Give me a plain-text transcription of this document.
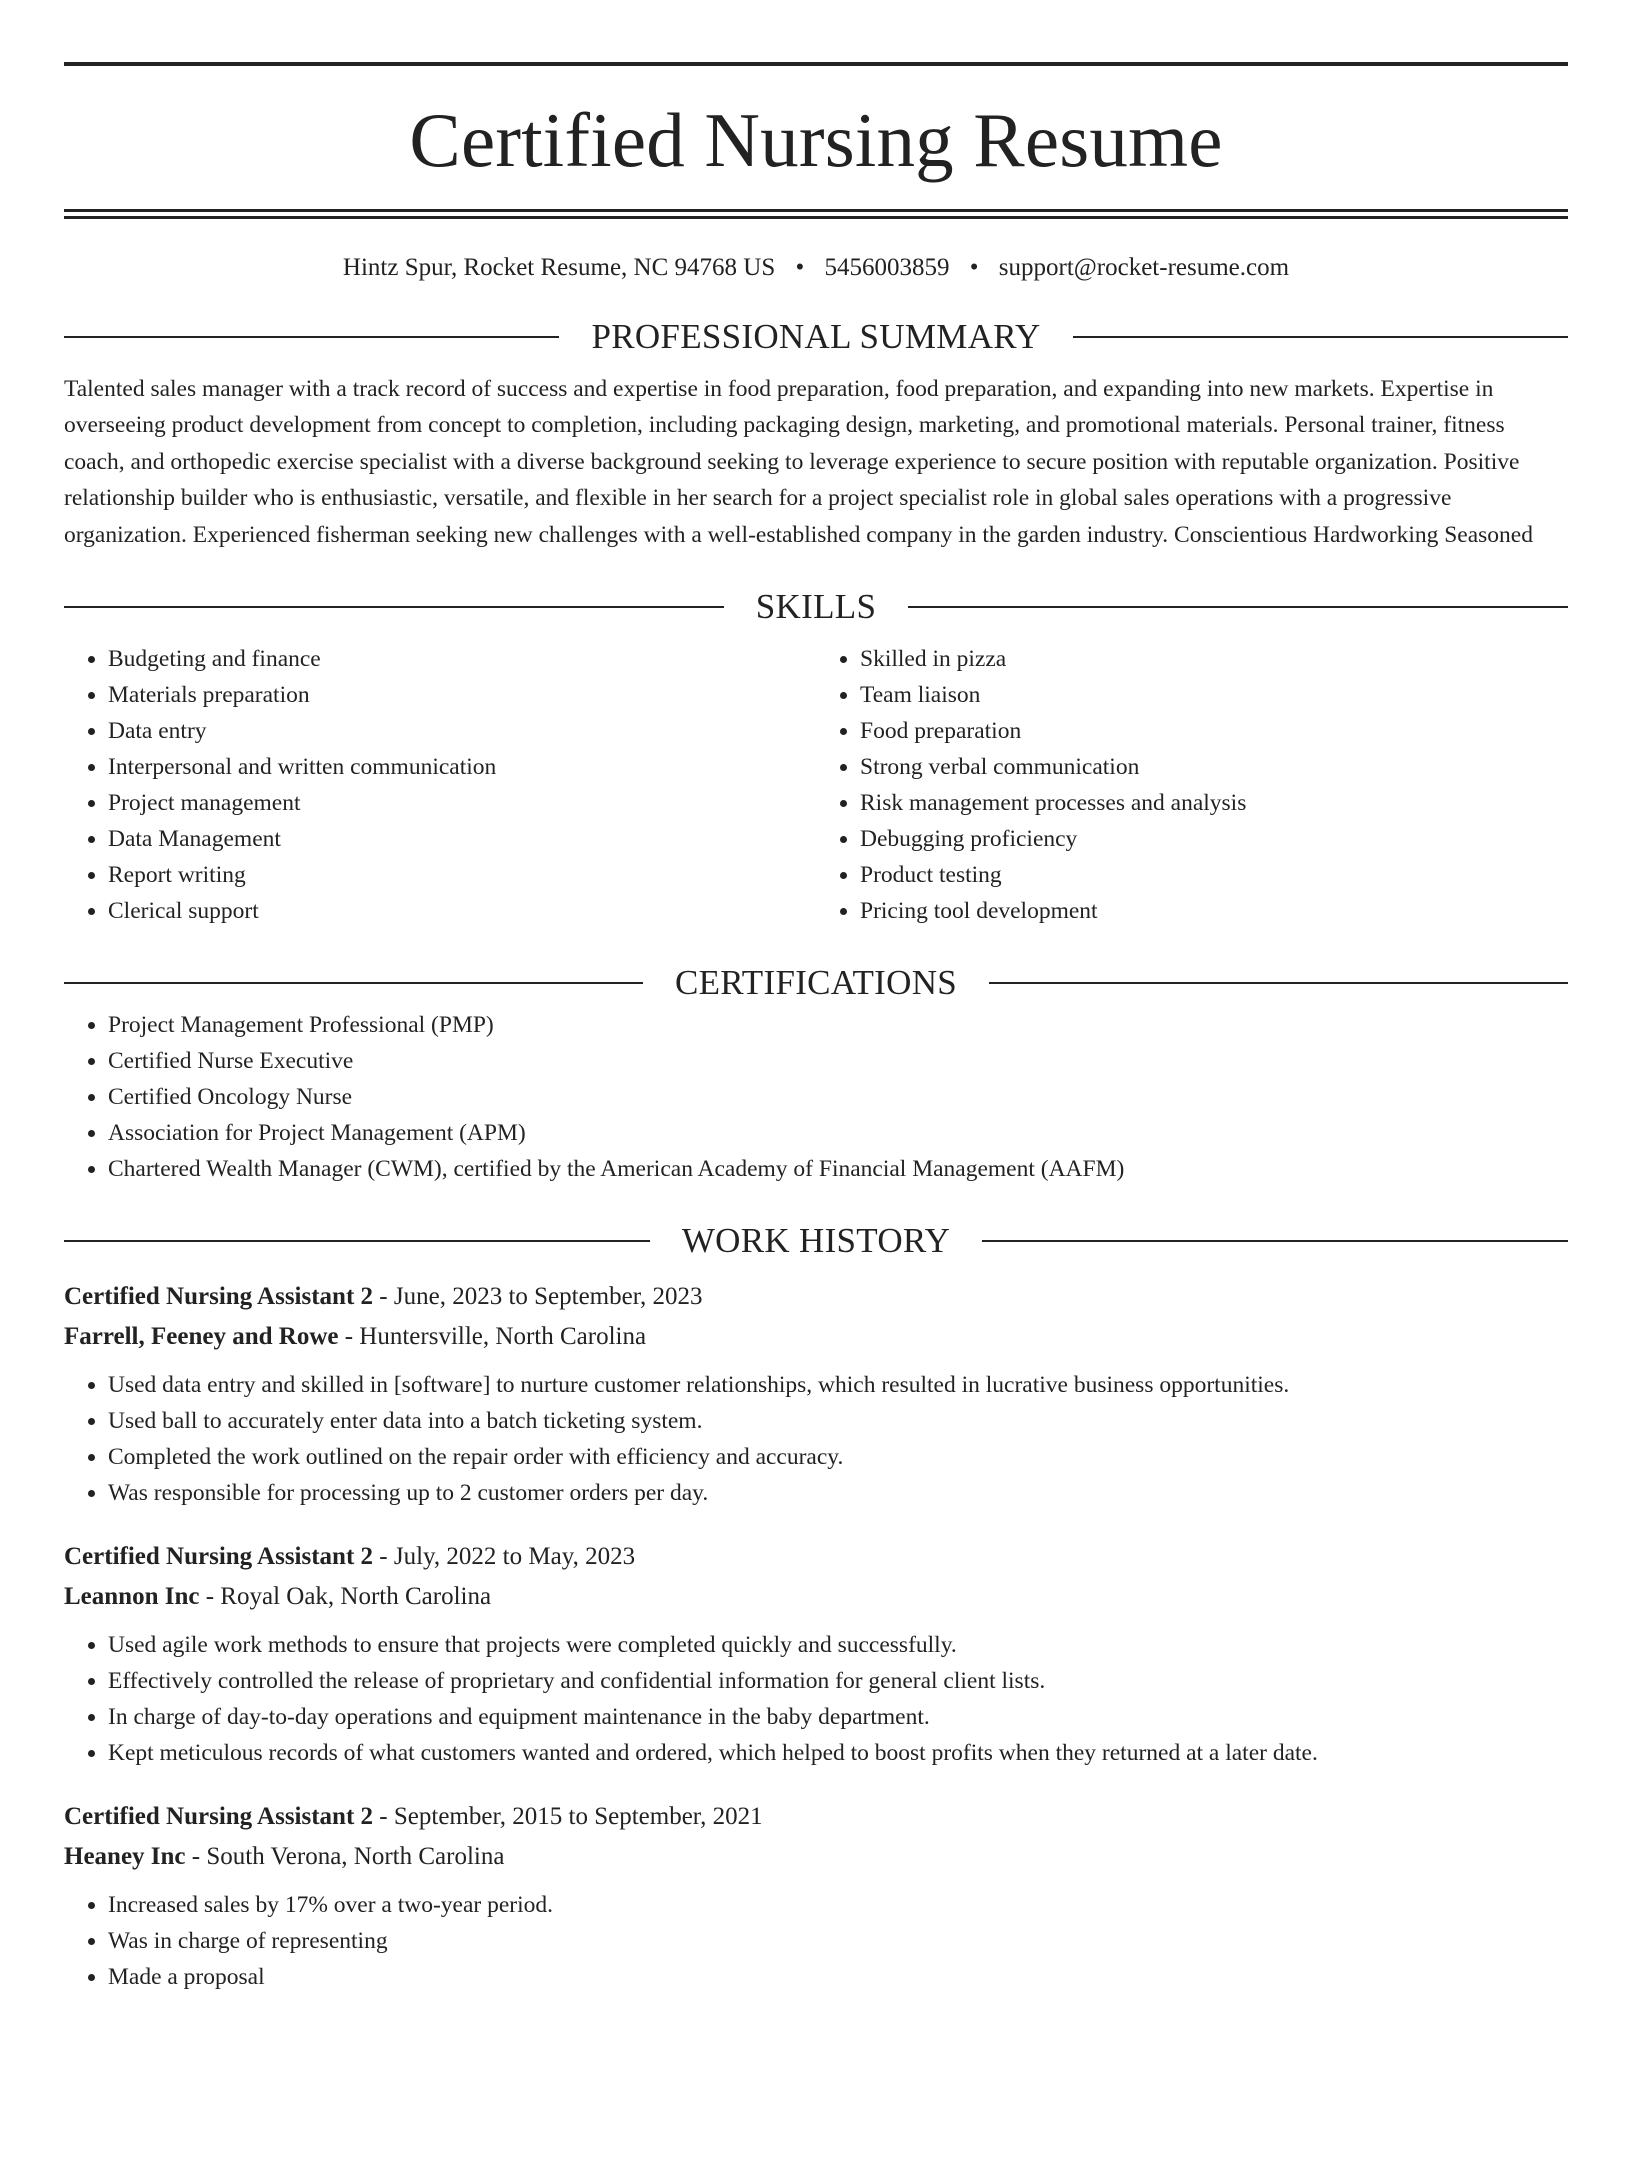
Certified Nursing Resume
Hintz Spur, Rocket Resume, NC 94768 US • 5456003859 • support@rocket-resume.com
PROFESSIONAL SUMMARY

Talented sales manager with a track record of success and expertise in food preparation, food preparation, and expanding into new markets. Expertise in overseeing product development from concept to completion, including packaging design, marketing, and promotional materials. Personal trainer, fitness coach, and orthopedic exercise specialist with a diverse background seeking to leverage experience to secure position with reputable organization. Positive relationship builder who is enthusiastic, versatile, and flexible in her search for a project specialist role in global sales operations with a progressive organization. Experienced fisherman seeking new challenges with a well-established company in the garden industry. Conscientious Hardworking Seasoned

SKILLS
• Budgeting and finance
• Materials preparation
• Data entry
• Interpersonal and written communication
• Project management
• Data Management
• Report writing
• Clerical support
• Skilled in pizza
• Team liaison
• Food preparation
• Strong verbal communication
• Risk management processes and analysis
• Debugging proficiency
• Product testing
• Pricing tool development
CERTIFICATIONS
• Project Management Professional (PMP)
• Certified Nurse Executive
• Certified Oncology Nurse
• Association for Project Management (APM)
• Chartered Wealth Manager (CWM), certified by the American Academy of Financial Management (AAFM)
WORK HISTORY
Certified Nursing Assistant 2 - June, 2023 to September, 2023
Farrell, Feeney and Rowe - Huntersville, North Carolina
• Used data entry and skilled in [software] to nurture customer relationships, which resulted in lucrative business opportunities.
• Used ball to accurately enter data into a batch ticketing system.
• Completed the work outlined on the repair order with efficiency and accuracy.
• Was responsible for processing up to 2 customer orders per day.
Certified Nursing Assistant 2 - July, 2022 to May, 2023
Leannon Inc - Royal Oak, North Carolina
• Used agile work methods to ensure that projects were completed quickly and successfully.
• Effectively controlled the release of proprietary and confidential information for general client lists.
• In charge of day-to-day operations and equipment maintenance in the baby department.
• Kept meticulous records of what customers wanted and ordered, which helped to boost profits when they returned at a later date.
Certified Nursing Assistant 2 - September, 2015 to September, 2021
Heaney Inc - South Verona, North Carolina
• Increased sales by 17% over a two-year period.
• Was in charge of representing
• Made a proposal
